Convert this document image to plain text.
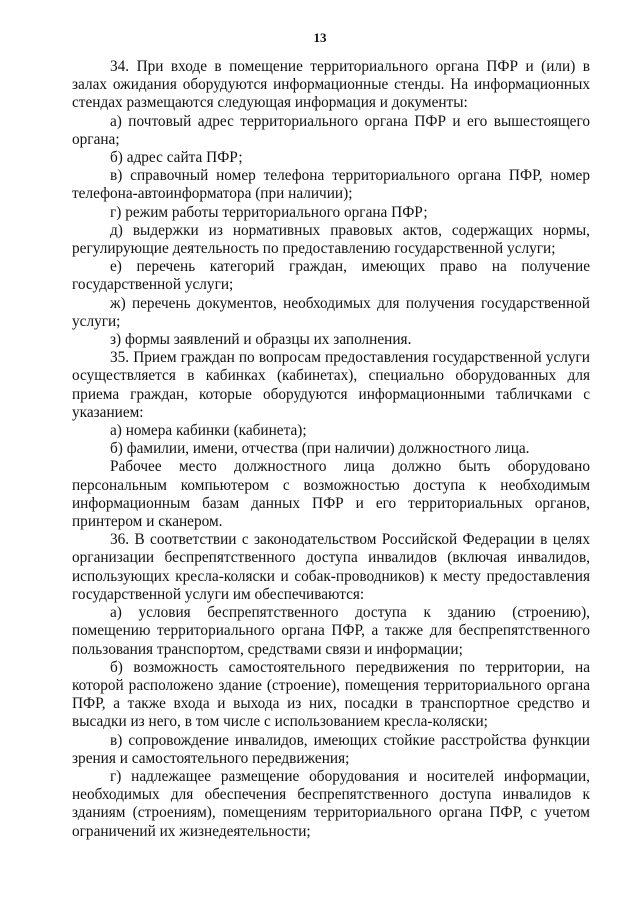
13

34. При входе в помещение территориального органа ПФР и (или) в залах ожидания оборудуются информационные стенды. На информационных стендах размещаются следующая информация и документы:

а) почтовый адрес территориального органа ПФР и его вышестоящего органа;

б) адрес сайта ПФР;

в) справочный номер телефона территориального органа ПФР, номер телефона-автоинформатора (при наличии);

г) режим работы территориального органа ПФР;

д) выдержки из нормативных правовых актов, содержащих нормы, регулирующие деятельность по предоставлению государственной услуги;

е) перечень категорий граждан, имеющих право на получение государственной услуги;

ж) перечень документов, необходимых для получения государственной услуги;

з) формы заявлений и образцы их заполнения.

35. Прием граждан по вопросам предоставления государственной услуги осуществляется в кабинках (кабинетах), специально оборудованных для приема граждан, которые оборудуются информационными табличками с указанием:

а) номера кабинки (кабинета);

б) фамилии, имени, отчества (при наличии) должностного лица.

Рабочее место должностного лица должно быть оборудовано персональным компьютером с возможностью доступа к необходимым информационным базам данных ПФР и его территориальных органов, принтером и сканером.

36. В соответствии с законодательством Российской Федерации в целях организации беспрепятственного доступа инвалидов (включая инвалидов, использующих кресла-коляски и собак-проводников) к месту предоставления государственной услуги им обеспечиваются:

а) условия беспрепятственного доступа к зданию (строению), помещению территориального органа ПФР, а также для беспрепятственного пользования транспортом, средствами связи и информации;

б) возможность самостоятельного передвижения по территории, на которой расположено здание (строение), помещения территориального органа ПФР, а также входа и выхода из них, посадки в транспортное средство и высадки из него, в том числе с использованием кресла-коляски;

в) сопровождение инвалидов, имеющих стойкие расстройства функции зрения и самостоятельного передвижения;

г) надлежащее размещение оборудования и носителей информации, необходимых для обеспечения беспрепятственного доступа инвалидов к зданиям (строениям), помещениям территориального органа ПФР, с учетом ограничений их жизнедеятельности;
